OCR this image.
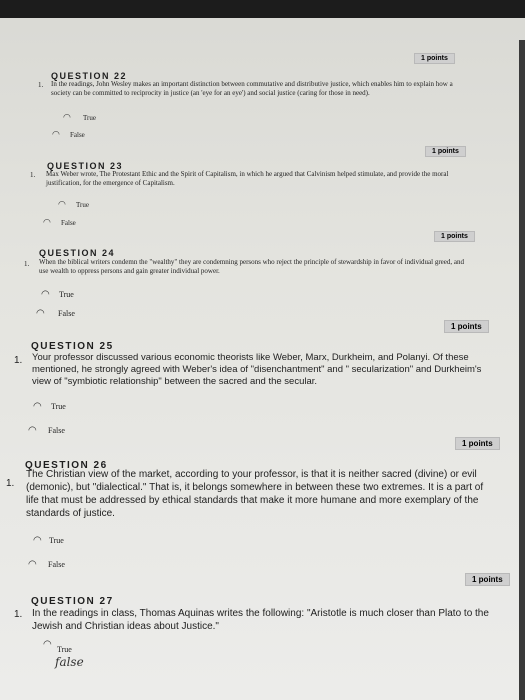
1 points
QUESTION 22
1. In the readings, John Wesley makes an important distinction between commutative and distributive justice, which enables him to explain how a society can be committed to reciprocity in justice (an 'eye for an eye') and social justice (caring for those in need).
◠	True
◠	False
1 points
QUESTION 23
1. Max Weber wrote, The Protestant Ethic and the Spirit of Capitalism, in which he argued that Calvinism helped stimulate, and provide the moral justification, for the emergence of Capitalism.
◠	True
◠	False
1 points
QUESTION 24
1. When the biblical writers condemn the "wealthy" they are condemning persons who reject the principle of stewardship in favor of individual greed, and use wealth to oppress persons and gain greater individual power.
◠	True
◠	False
1 points
QUESTION 25
1. Your professor discussed various economic theorists like Weber, Marx, Durkheim, and Polanyi. Of these mentioned, he strongly agreed with Weber's idea of "disenchantment" and " secularization" and Durkheim's view of "symbiotic relationship" between the sacred and the secular.
◠	True
◠	False
1 points
QUESTION 26
1.
The Christian view of the market, according to your professor, is that it is neither sacred (divine) or evil (demonic), but "dialectical." That is, it belongs somewhere in between these two extremes. It is a part of life that must be addressed by ethical standards that make it more humane and more exemplary of the standards of justice.
◠ True
◠	False
1 points
QUESTION 27
1. In the readings in class, Thomas Aquinas writes the following: "Aristotle is much closer than Plato to the Jewish and Christian ideas about Justice."
◠ True
false
